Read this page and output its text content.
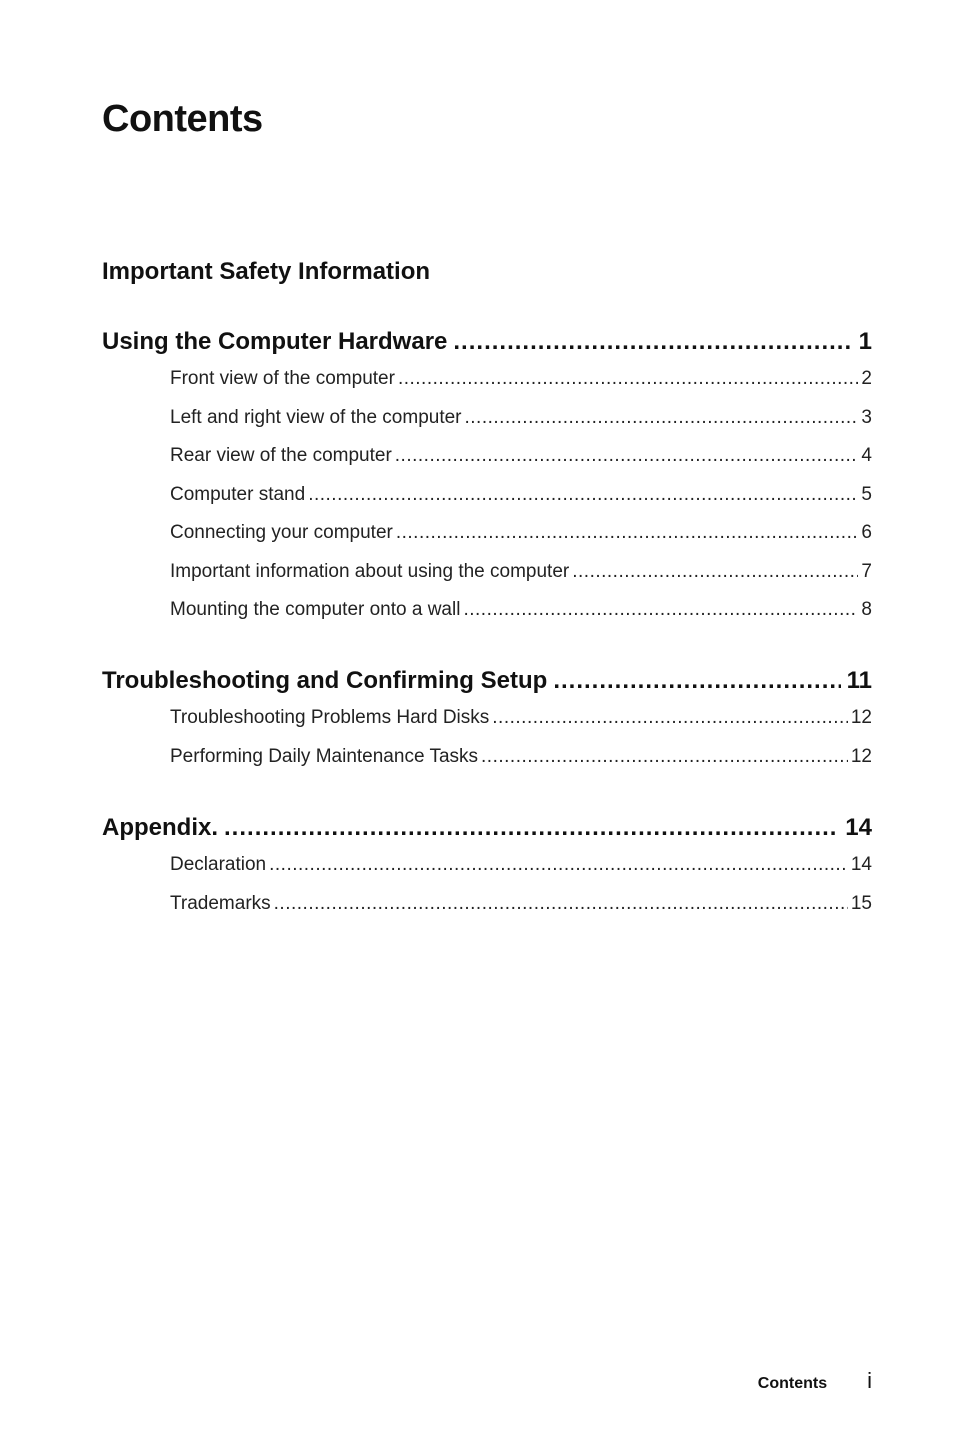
Contents
Important Safety Information
Using the Computer Hardware .....	1
Front view of the computer .....	2
Left and right view of the computer .....	3
Rear view of the computer .....	4
Computer stand .....	5
Connecting your computer .....	6
Important information about using the computer .....	7
Mounting the computer onto a wall .....	8
Troubleshooting and Confirming Setup .....	11
Troubleshooting Problems Hard Disks .....	12
Performing Daily Maintenance Tasks .....	12
Appendix. .....	14
Declaration .....	14
Trademarks .....	15
Contents i
